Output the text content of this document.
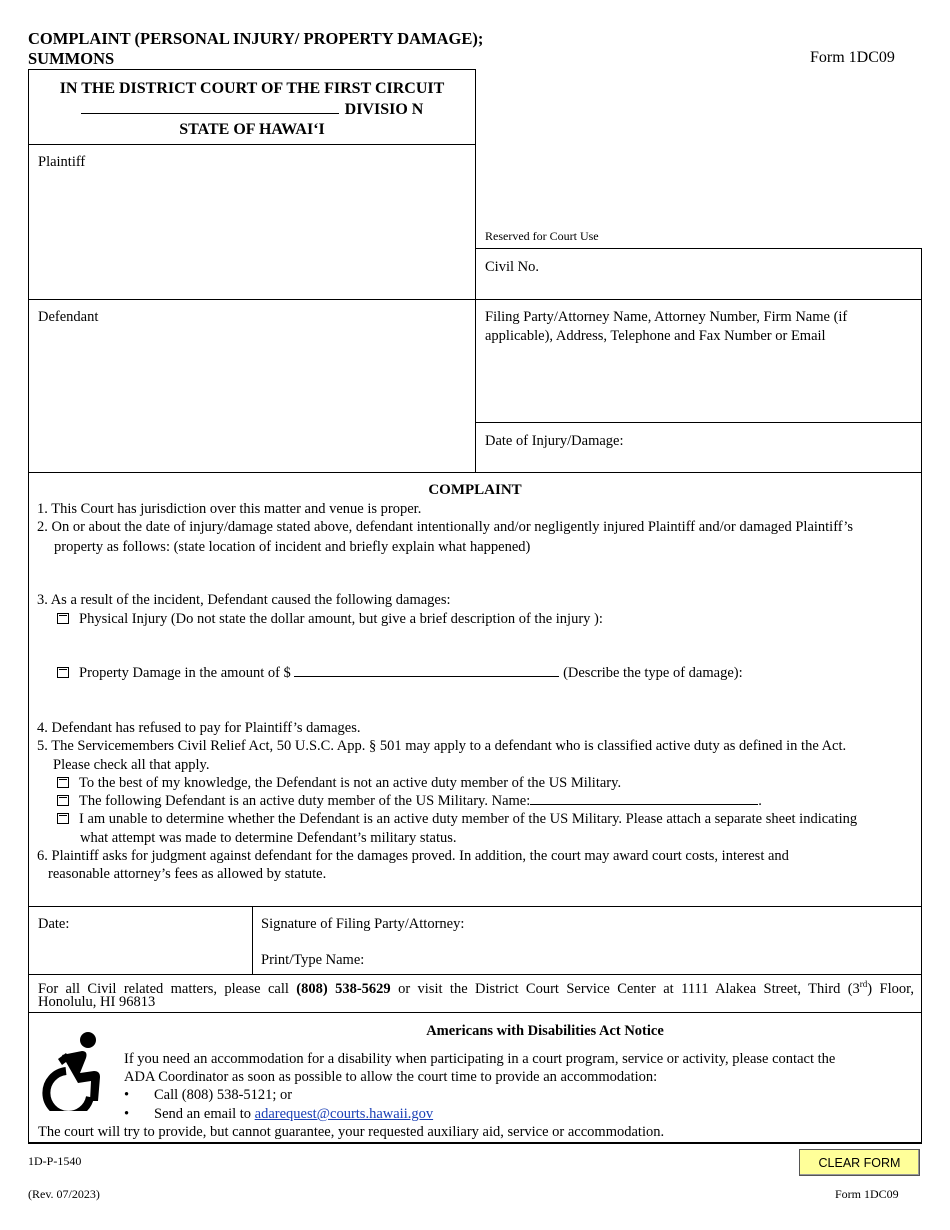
COMPLAINT (PERSONAL INJURY/ PROPERTY DAMAGE);
SUMMONS	Form 1DC09
IN THE DISTRICT COURT OF THE FIRST CIRCUIT
DIVISIO N
STATE OF HAWAI‘I
Plaintiff
Defendant
Reserved for Court Use
Civil No.
Filing Party/Attorney Name, Attorney Number, Firm Name (if
applicable), Address, Telephone and Fax Number or Email
Date of Injury/Damage:
COMPLAINT
1. This Court has jurisdiction over this matter and venue is proper.
2. On or about the date of injury/damage stated above, defendant intentionally and/or negligently injured Plaintiff and/or damaged Plaintiff’s
property as follows: (state location of incident and briefly explain what happened)
3. As a result of the incident, Defendant caused the following damages:
Physical Injury (Do not state the dollar amount, but give a brief description of the injury ):
Property Damage in the amount of $	(Describe the type of damage):
4. Defendant has refused to pay for Plaintiff’s damages.
5. The Servicemembers Civil Relief Act, 50 U.S.C. App. § 501 may apply to a defendant who is classified active duty as defined in the Act.
Please check all that apply.
To the best of my knowledge, the Defendant is not an active duty member of the US Military.
The following Defendant is an active duty member of the US Military. Name:	.
I am unable to determine whether the Defendant is an active duty member of the US Military. Please attach a separate sheet indicating
what attempt was made to determine Defendant’s military status.
6. Plaintiff asks for judgment against defendant for the damages proved. In addition, the court may award court costs, interest and
reasonable attorney’s fees as allowed by statute.
Date:	Signature of Filing Party/Attorney:
Print/Type Name:
For all Civil related matters, please call (808) 538-5629 or visit the District Court Service Center at 1111 Alakea Street, Third (3rd) Floor,
Honolulu, HI 96813
Americans with Disabilities Act Notice
If you need an accommodation for a disability when participating in a court program, service or activity, please contact the
ADA Coordinator as soon as possible to allow the court time to provide an accommodation:
• Call (808) 538-5121; or
• Send an email to adarequest@courts.hawaii.gov
The court will try to provide, but cannot guarantee, your requested auxiliary aid, service or accommodation.
1D-P-1540
(Rev. 07/2023)	Form 1DC09
CLEAR FORM
